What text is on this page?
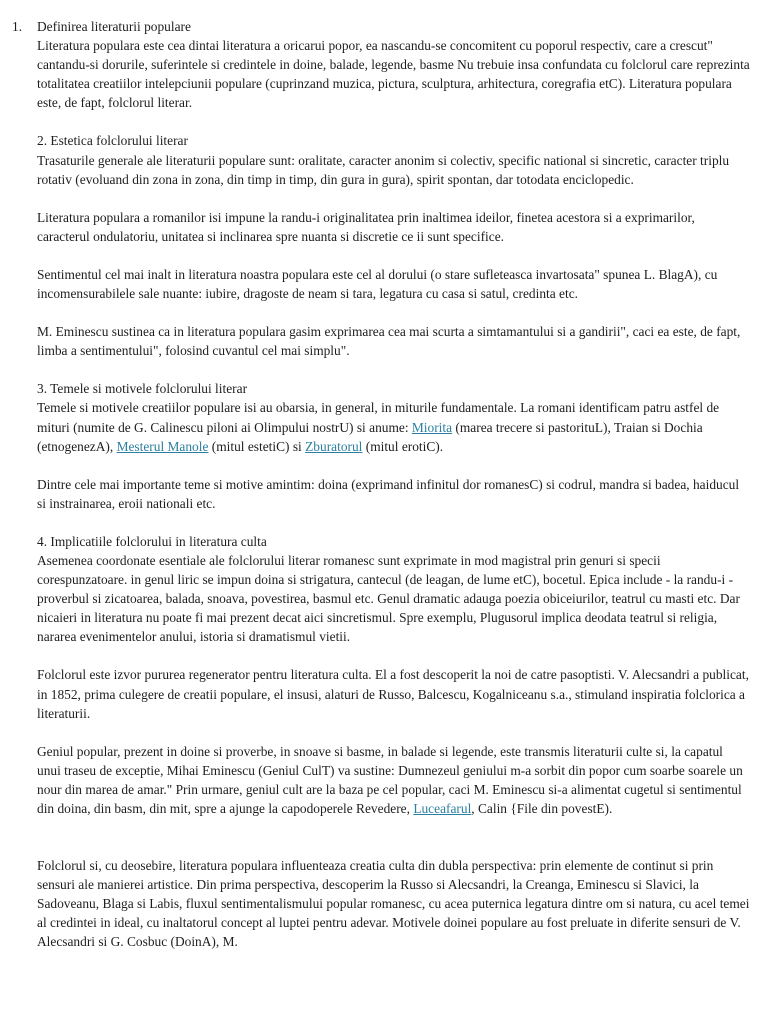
1. Definirea literaturii populare

Literatura populara este cea dintai literatura a oricarui popor, ea nascandu-se concomitent cu poporul respectiv, care a crescut" cantandu-si dorurile, suferintele si credintele in doine, balade, legende, basme Nu trebuie insa confundata cu folclorul care reprezinta totalitatea creatiilor intelepciunii populare (cuprinzand muzica, pictura, sculptura, arhitectura, coregrafia etC). Literatura populara este, de fapt, folclorul literar.

2. Estetica folclorului literar

Trasaturile generale ale literaturii populare sunt: oralitate, caracter anonim si colectiv, specific national si sincretic, caracter triplu rotativ (evoluand din zona in zona, din timp in timp, din gura in gura), spirit spontan, dar totodata enciclopedic.

Literatura populara a romanilor isi impune la randu-i originalitatea prin inaltimea ideilor, finetea acestora si a exprimarilor, caracterul ondulatoriu, unitatea si inclinarea spre nuanta si discretie ce ii sunt specifice.

Sentimentul cel mai inalt in literatura noastra populara este cel al dorului (o stare sufleteasca invartosata" spunea L. BlagA), cu incomensurabilele sale nuante: iubire, dragoste de neam si tara, legatura cu casa si satul, credinta etc.

M. Eminescu sustinea ca in literatura populara gasim exprimarea cea mai scurta a simtamantului si a gandirii", caci ea este, de fapt, limba a sentimentului", folosind cuvantul cel mai simplu".

3. Temele si motivele folclorului literar

Temele si motivele creatiilor populare isi au obarsia, in general, in miturile fundamentale. La romani identificam patru astfel de mituri (numite de G. Calinescu piloni ai Olimpului nostrU) si anume: Miorita (marea trecere si pastorituL), Traian si Dochia (etnogenezA), Mesterul Manole (mitul estetiC) si Zburatorul (mitul erotiC).

Dintre cele mai importante teme si motive amintim: doina (exprimand infinitul dor romanesC) si codrul, mandra si badea, haiducul si instrainarea, eroii nationali etc.

4. Implicatiile folclorului in literatura culta

Asemenea coordonate esentiale ale folclorului literar romanesc sunt exprimate in mod magistral prin genuri si specii corespunzatoare. in genul liric se impun doina si strigatura, cantecul (de leagan, de lume etC), bocetul. Epica include - la randu-i - proverbul si zicatoarea, balada, snoava, povestirea, basmul etc. Genul dramatic adauga poezia obiceiurilor, teatrul cu masti etc. Dar nicaieri in literatura nu poate fi mai prezent decat aici sincretismul. Spre exemplu, Plugusorul implica deodata teatrul si religia, nararea evenimentelor anului, istoria si dramatismul vietii.

Folclorul este izvor pururea regenerator pentru literatura culta. El a fost descoperit la noi de catre pasoptisti. V. Alecsandri a publicat, in 1852, prima culegere de creatii populare, el insusi, alaturi de Russo, Balcescu, Kogalniceanu s.a., stimuland inspiratia folclorica a literaturii.

Geniul popular, prezent in doine si proverbe, in snoave si basme, in balade si legende, este transmis literaturii culte si, la capatul unui traseu de exceptie, Mihai Eminescu (Geniul CulT) va sustine: Dumnezeul geniului m-a sorbit din popor cum soarbe soarele un nour din marea de amar." Prin urmare, geniul cult are la baza pe cel popular, caci M. Eminescu si-a alimentat cugetul si sentimentul din doina, din basm, din mit, spre a ajunge la capodoperele Revedere, Luceafarul, Calin {File din povestE).

Folclorul si, cu deosebire, literatura populara influenteaza creatia culta din dubla perspectiva: prin elemente de continut si prin sensuri ale manierei artistice. Din prima perspectiva, descoperim la Russo si Alecsandri, la Creanga, Eminescu si Slavici, la Sadoveanu, Blaga si Labis, fluxul sentimentalismului popular romanesc, cu acea puternica legatura dintre om si natura, cu acel temei al credintei in ideal, cu inaltatorul concept al luptei pentru adevar. Motivele doinei populare au fost preluate in diferite sensuri de V. Alecsandri si G. Cosbuc (DoinA), M.
